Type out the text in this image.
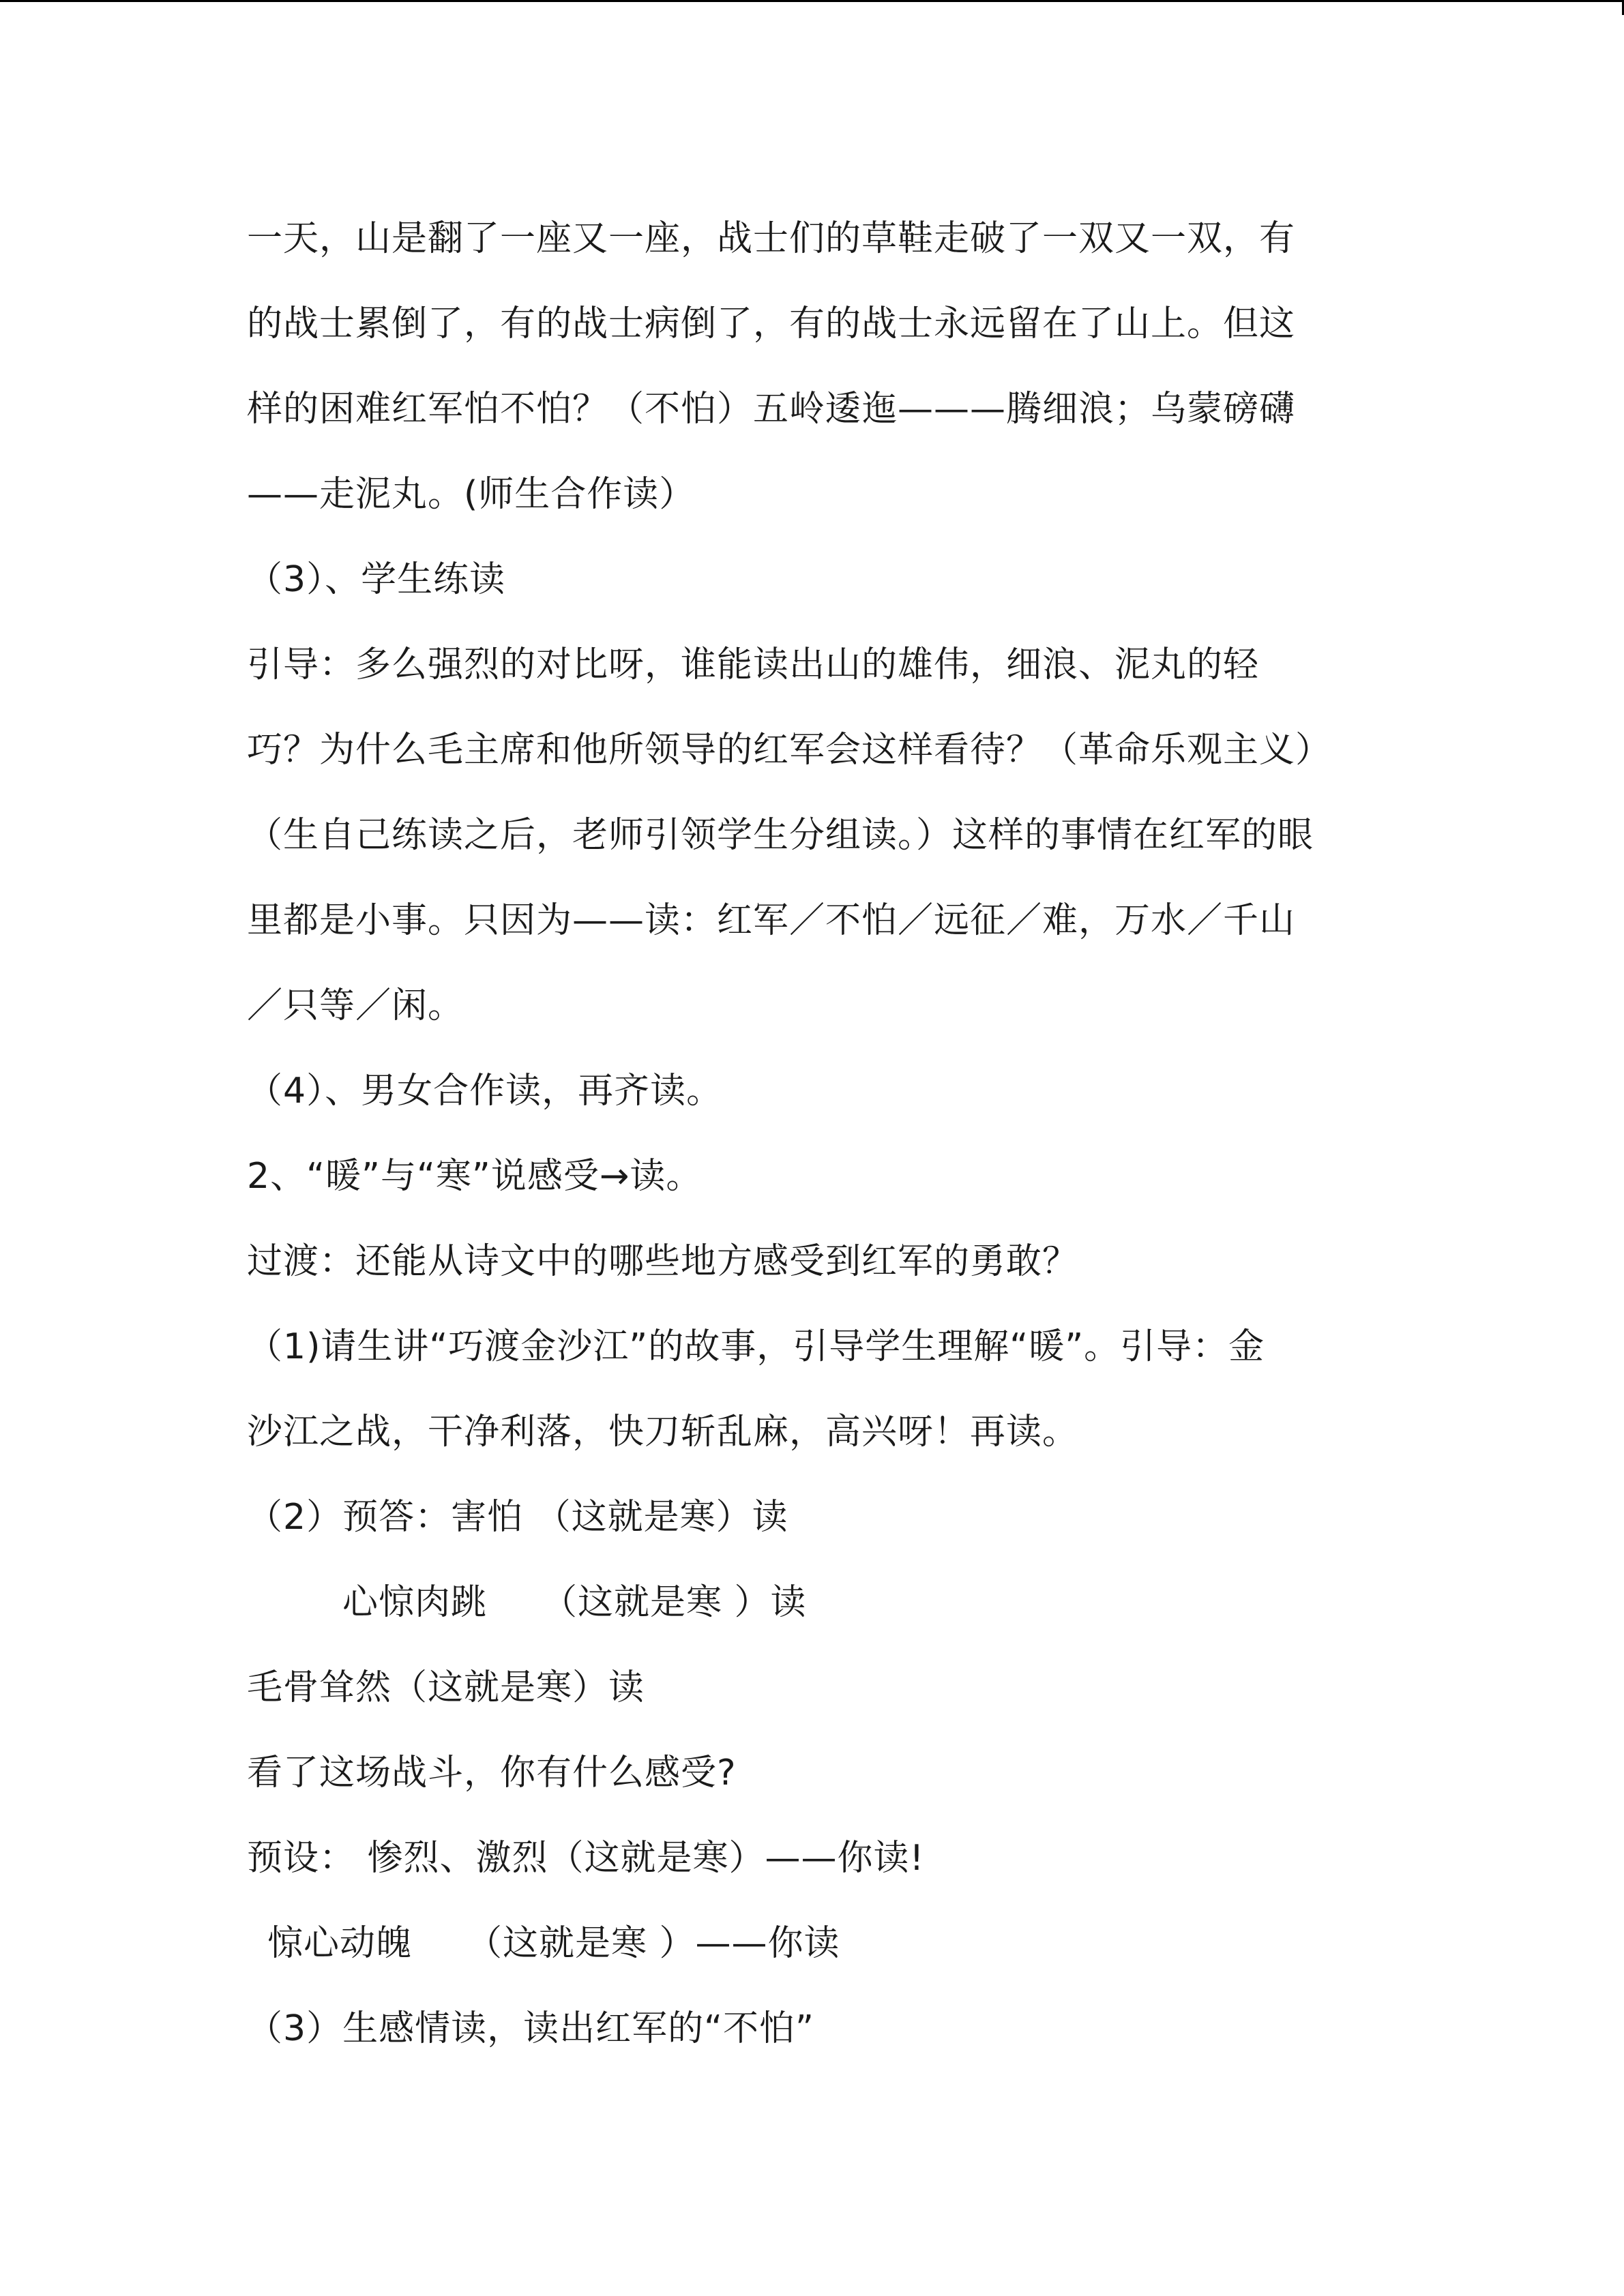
一天，山是翻了一座又一座，战士们的草鞋走破了一双又一双，有
的战士累倒了，有的战士病倒了，有的战士永远留在了山上。但这
样的困难红军怕不怕？（不怕）五岭逶迤———腾细浪；乌蒙磅礴
——走泥丸。(师生合作读）
（3）、学生练读
引导：多么强烈的对比呀，谁能读出山的雄伟，细浪、泥丸的轻
巧？为什么毛主席和他所领导的红军会这样看待？（革命乐观主义）
（生自己练读之后，老师引领学生分组读。）这样的事情在红军的眼
里都是小事。只因为——读：红军／不怕／远征／难，万水／千山
／只等／闲。
（4）、男女合作读，再齐读。
2、“暖”与“寒”说感受→读。
过渡：还能从诗文中的哪些地方感受到红军的勇敢？
（1)请生讲“巧渡金沙江”的故事，引导学生理解“暖”。引导：金
沙江之战，干净利落，快刀斩乱麻，高兴呀！再读。
（2）预答：害怕 （这就是寒）读
心惊肉跳　　（这就是寒 ）读
毛骨耸然（这就是寒）读
看了这场战斗，你有什么感受?
预设： 惨烈、激烈（这就是寒）——你读!
惊心动魄　　（这就是寒 ）——你读
（3）生感情读，读出红军的“不怕”
